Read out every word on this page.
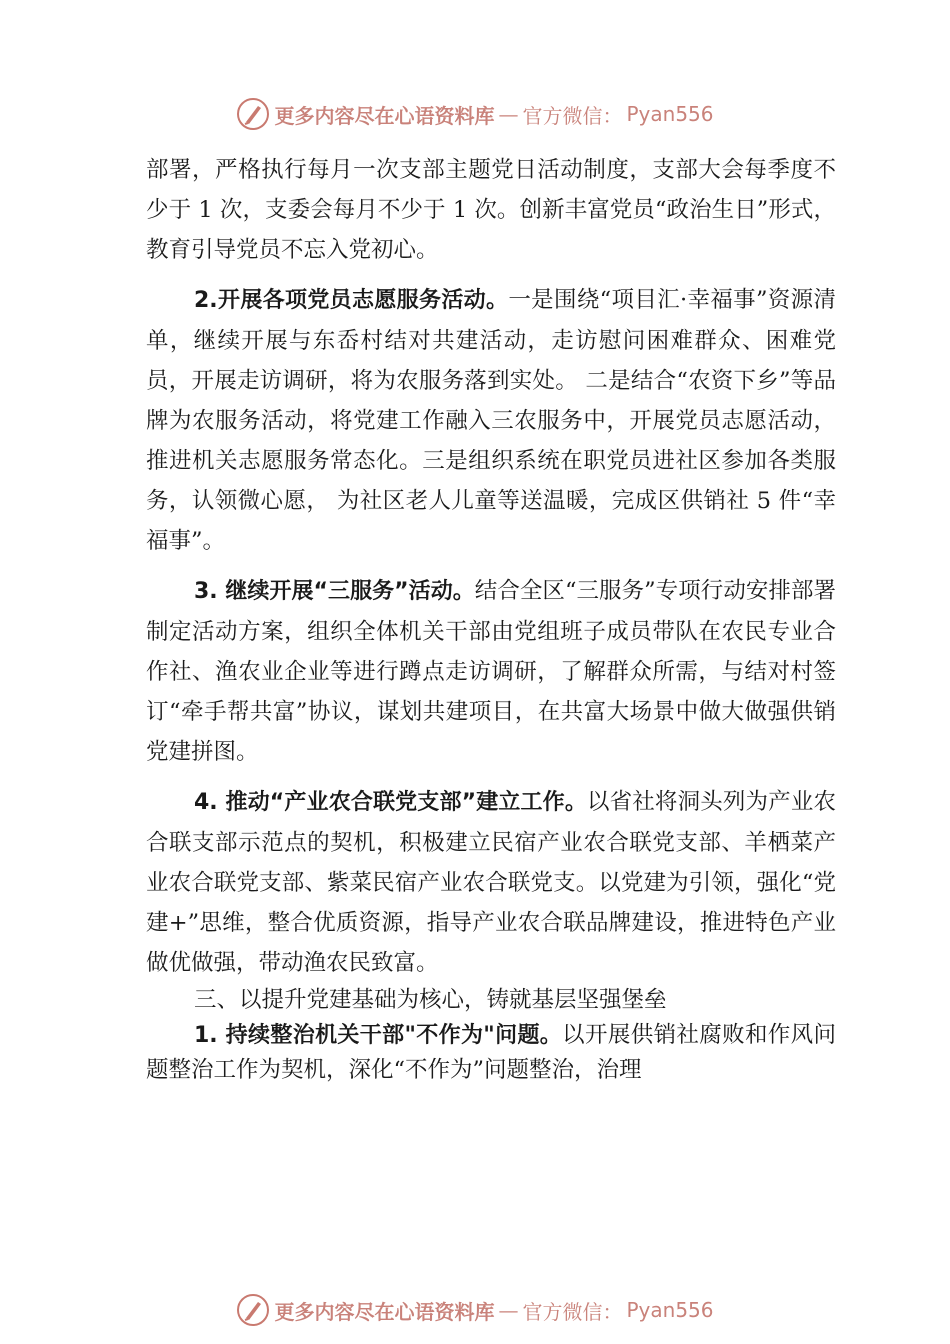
更多内容尽在心语资料库 — 官方微信： Pyan556

部署，严格执行每月一次支部主题党日活动制度，支部大会每季度不少于 1 次，支委会每月不少于 1 次。创新丰富党员“政治生日”形式，教育引导党员不忘入党初心。

2.开展各项党员志愿服务活动。一是围绕“项目汇·幸福事”资源清单，继续开展与东岙村结对共建活动，走访慰问困难群众、困难党员，开展走访调研，将为农服务落到实处。 二是结合“农资下乡”等品牌为农服务活动，将党建工作融入三农服务中，开展党员志愿活动，推进机关志愿服务常态化。三是组织系统在职党员进社区参加各类服务，认领微心愿， 为社区老人儿童等送温暖，完成区供销社 5 件“幸福事”。

3. 继续开展“三服务”活动。结合全区“三服务”专项行动安排部署制定活动方案，组织全体机关干部由党组班子成员带队在农民专业合作社、渔农业企业等进行蹲点走访调研，了解群众所需，与结对村签订“牵手帮共富”协议，谋划共建项目，在共富大场景中做大做强供销党建拼图。

4. 推动“产业农合联党支部”建立工作。以省社将洞头列为产业农合联支部示范点的契机，积极建立民宿产业农合联党支部、羊栖菜产业农合联党支部、紫菜民宿产业农合联党支。以党建为引领，强化“党建+”思维，整合优质资源，指导产业农合联品牌建设，推进特色产业做优做强，带动渔农民致富。

三、以提升党建基础为核心，铸就基层坚强堡垒

1. 持续整治机关干部"不作为"问题。以开展供销社腐败和作风问题整治工作为契机，深化“不作为”问题整治，治理

更多内容尽在心语资料库 — 官方微信： Pyan556
